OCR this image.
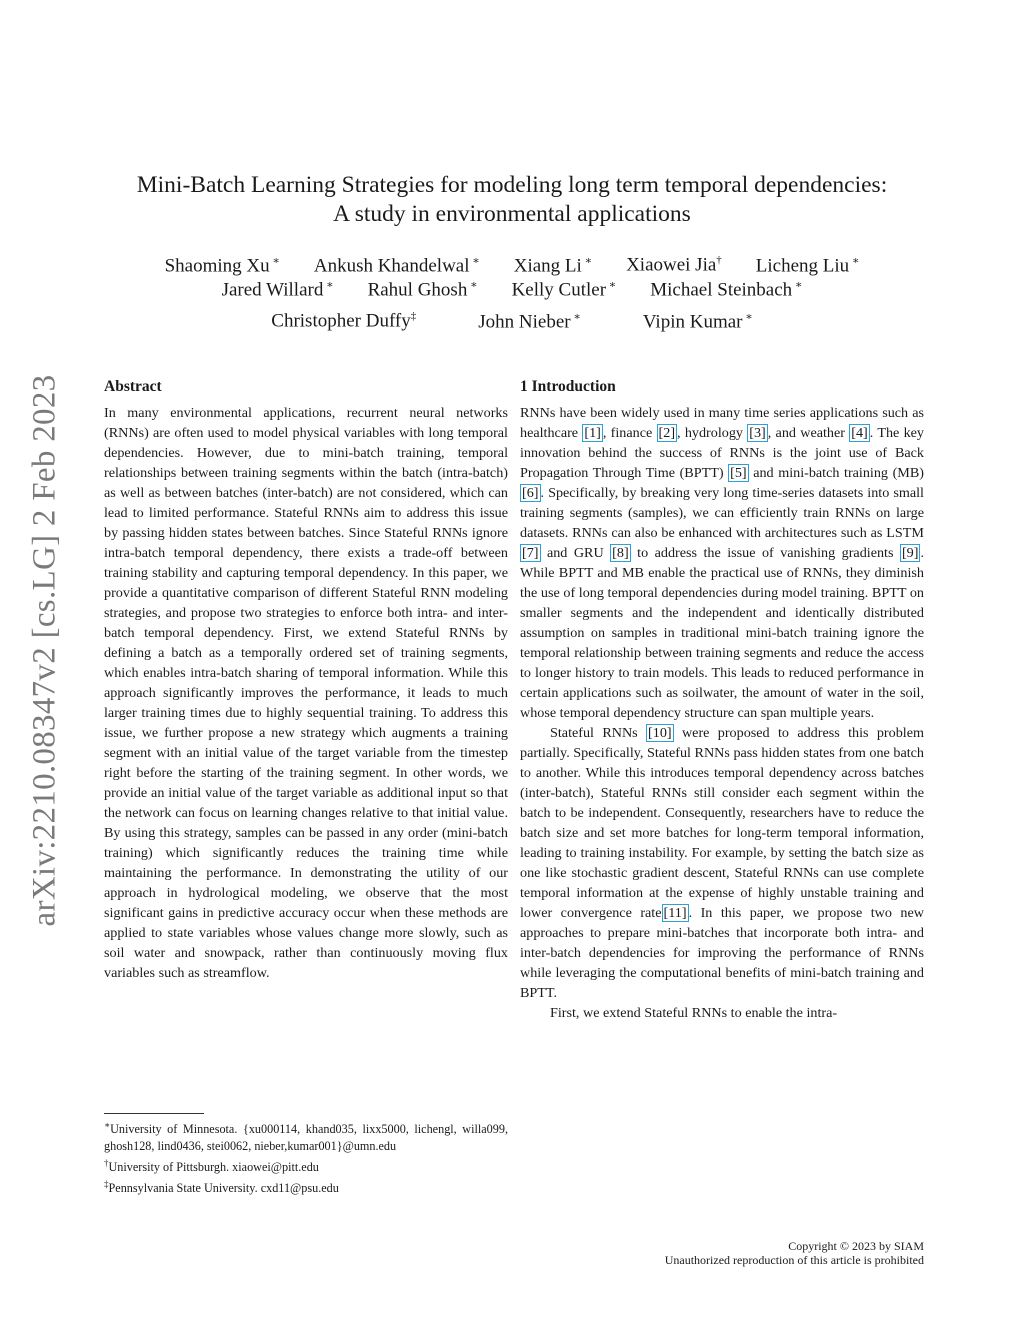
arXiv:2210.08347v2 [cs.LG] 2 Feb 2023
Mini-Batch Learning Strategies for modeling long term temporal dependencies:
A study in environmental applications
Shaoming Xu ∗ Ankush Khandelwal ∗ Xiang Li ∗ Xiaowei Jia† Licheng Liu ∗
Jared Willard ∗ Rahul Ghosh ∗ Kelly Cutler ∗ Michael Steinbach ∗
Christopher Duffy‡	John Nieber ∗	Vipin Kumar ∗
Abstract

In many environmental applications, recurrent neural networks (RNNs) are often used to model physical variables with long temporal dependencies. However, due to mini-batch training, temporal relationships between training segments within the batch (intra-batch) as well as between batches (inter-batch) are not considered, which can lead to limited performance. Stateful RNNs aim to address this issue by passing hidden states between batches. Since Stateful RNNs ignore intra-batch temporal dependency, there exists a trade-off between training stability and capturing temporal dependency. In this paper, we provide a quantitative comparison of different Stateful RNN modeling strategies, and propose two strategies to enforce both intra- and inter-batch temporal dependency. First, we extend Stateful RNNs by defining a batch as a temporally ordered set of training segments, which enables intra-batch sharing of temporal information. While this approach significantly improves the performance, it leads to much larger training times due to highly sequential training. To address this issue, we further propose a new strategy which augments a training segment with an initial value of the target variable from the timestep right before the starting of the training segment. In other words, we provide an initial value of the target variable as additional input so that the network can focus on learning changes relative to that initial value. By using this strategy, samples can be passed in any order (mini-batch training) which significantly reduces the training time while maintaining the performance. In demonstrating the utility of our approach in hydrological modeling, we observe that the most significant gains in predictive accuracy occur when these methods are applied to state variables whose values change more slowly, such as soil water and snowpack, rather than continuously moving flux variables such as streamflow.

1 Introduction

RNNs have been widely used in many time series applications such as healthcare [1] , finance [2] , hydrology [3] , and weather [4] . The key innovation behind the success of RNNs is the joint use of Back Propagation Through Time (BPTT) [5] and mini-batch training (MB) [6] . Specifically, by breaking very long time-series datasets into small training segments (samples), we can efficiently train RNNs on large datasets. RNNs can also be enhanced with architectures such as LSTM [7] and GRU [8] to address the issue of vanishing gradients [9] . While BPTT and MB enable the practical use of RNNs, they diminish the use of long temporal dependencies during model training. BPTT on smaller segments and the independent and identically distributed assumption on samples in traditional mini-batch training ignore the temporal relationship between training segments and reduce the access to longer history to train models. This leads to reduced performance in certain applications such as soilwater, the amount of water in the soil, whose temporal dependency structure can span multiple years.

Stateful RNNs [10] were proposed to address this problem partially. Specifically, Stateful RNNs pass hidden states from one batch to another. While this introduces temporal dependency across batches (inter-batch), Stateful RNNs still consider each segment within the batch to be independent. Consequently, researchers have to reduce the batch size and set more batches for long-term temporal information, leading to training instability. For example, by setting the batch size as one like stochastic gradient descent, Stateful RNNs can use complete temporal information at the expense of highly unstable training and lower convergence rate [11] . In this paper, we propose two new approaches to prepare mini-batches that incorporate both intra- and inter-batch dependencies for improving the performance of RNNs while leveraging the computational benefits of mini-batch training and BPTT.

First, we extend Stateful RNNs to enable the intra-

∗University of Minnesota. {xu000114, khand035, lixx5000, lichengl, willa099, ghosh128, lind0436, stei0062, nieber,kumar001}@umn.edu

†University of Pittsburgh. xiaowei@pitt.edu

‡Pennsylvania State University. cxd11@psu.edu

Copyright © 2023 by SIAM
Unauthorized reproduction of this article is prohibited
